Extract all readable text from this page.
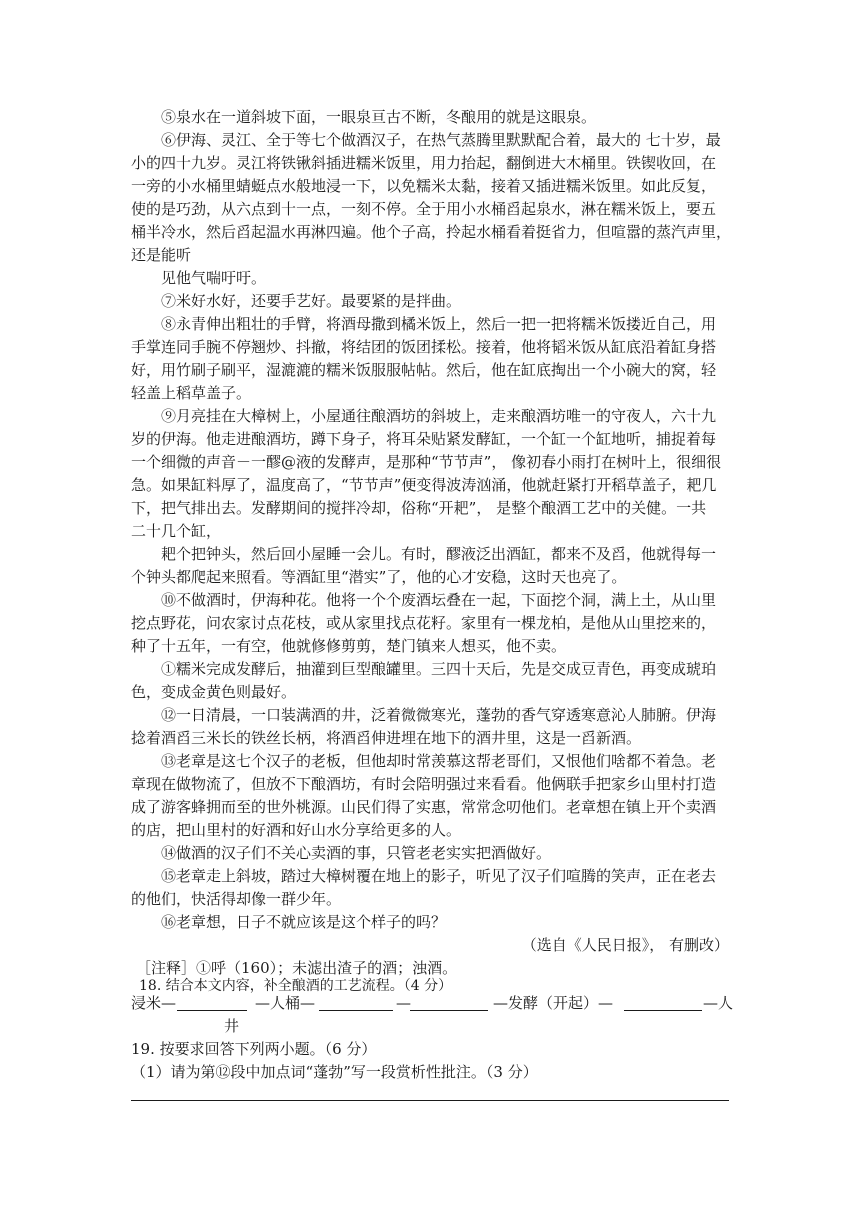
⑤泉水在一道斜坡下面，一眼泉亘古不断，冬酿用的就是这眼泉。
⑥伊海、灵江、全于等七个做酒汉子，在热气蒸腾里默默配合着，最大的 七十岁，最
小的四十九岁。灵江将铁锹斜插进糯米饭里，用力抬起，翻倒进大木桶里。铁锲收回，在
一旁的小水桶里蜻蜓点水般地浸一下，以免糯米太黏，接着又插进糯米饭里。如此反复，
使的是巧劲，从六点到十一点，一刻不停。全于用小水桶舀起泉水，淋在糯米饭上，要五
桶半冷水，然后舀起温水再淋四遍。他个子高，拎起水桶看着挺省力，但喧嚣的蒸汽声里，
还是能听
见他气喘吁吁。
⑦米好水好，还要手艺好。最要紧的是拌曲。
⑧永青伸出粗壮的手臂，将酒母撒到橘米饭上，然后一把一把将糯米饭搂近自己，用
手掌连同手腕不停翘炒、抖撤，将结团的饭团揉松。接着，他将韬米饭从缸底沿着缸身搭
好，用竹刷子刷平，湿漉漉的糯米饭服服帖帖。然后，他在缸底掏出一个小碗大的窝，轻
轻盖上稻草盖子。
⑨月亮挂在大樟树上，小屋通往酿酒坊的斜坡上，走来酿酒坊唯一的守夜人，六十九
岁的伊海。他走进酿酒坊，蹲下身子，将耳朵贴紧发酵缸，一个缸一个缸地听，捕捉着每
一个细微的声音－一醪@液的发酵声，是那种“节节声”， 像初春小雨打在树叶上，很细很
急。如果缸料厚了，温度高了，“节节声”便变得波涛汹涌，他就赶紧打开稻草盖子，耙几
下，把气排出去。发酵期间的搅拌冷却，俗称“开耙”， 是整个酿酒工艺中的关健。一共
二十几个缸，
耙个把钟头，然后回小屋睡一会儿。有时，醪液泛出酒缸，都来不及舀，他就得每一
个钟头都爬起来照看。等酒缸里“潜实”了，他的心才安稳，这时天也亮了。
⑩不做酒时，伊海种花。他将一个个废酒坛叠在一起，下面挖个洞，满上土，从山里
挖点野花，问农家讨点花枝，或从家里找点花籽。家里有一棵龙柏，是他从山里挖来的，
种了十五年，一有空，他就修修剪剪，楚门镇来人想买，他不卖。
①糯米完成发酵后，抽灌到巨型酿罐里。三四十天后，先是交成豆青色，再变成琥珀
色，变成金黄色则最好。
⑫一日清晨，一口装满酒的井，泛着微微寒光，蓬勃的香气穿透寒意沁人肺腑。伊海
捻着酒舀三米长的铁丝长柄，将酒舀伸进埋在地下的酒井里，这是一舀新酒。
⑬老章是这七个汉子的老板，但他却时常羡慕这帮老哥们，又恨他们啥都不着急。老
章现在做物流了，但放不下酿酒坊，有时会陪明强过来看看。他俩联手把家乡山里村打造
成了游客蜂拥而至的世外桃源。山民们得了实惠，常常念叨他们。老章想在镇上开个卖酒
的店，把山里村的好酒和好山水分享给更多的人。
⑭做酒的汉子们不关心卖酒的事，只管老老实实把酒做好。
⑮老章走上斜坡，踏过大樟树覆在地上的影子，听见了汉子们喧腾的笑声，正在老去
的他们，快活得却像一群少年。
⑯老章想，日子不就应该是这个样子的吗？
（选自《人民日报》， 有删改）
［注释］①呼（160）；未滤出渣子的酒；浊酒。
18. 结合本文内容，补全酿酒的工艺流程。（4 分）
浸米—	—人桶—	—	—发酵（开起）—	—人
井
19. 按要求回答下列两小题。（6 分）
（1）请为第⑫段中加点词“蓬勃”写一段赏析性批注。（3 分）
